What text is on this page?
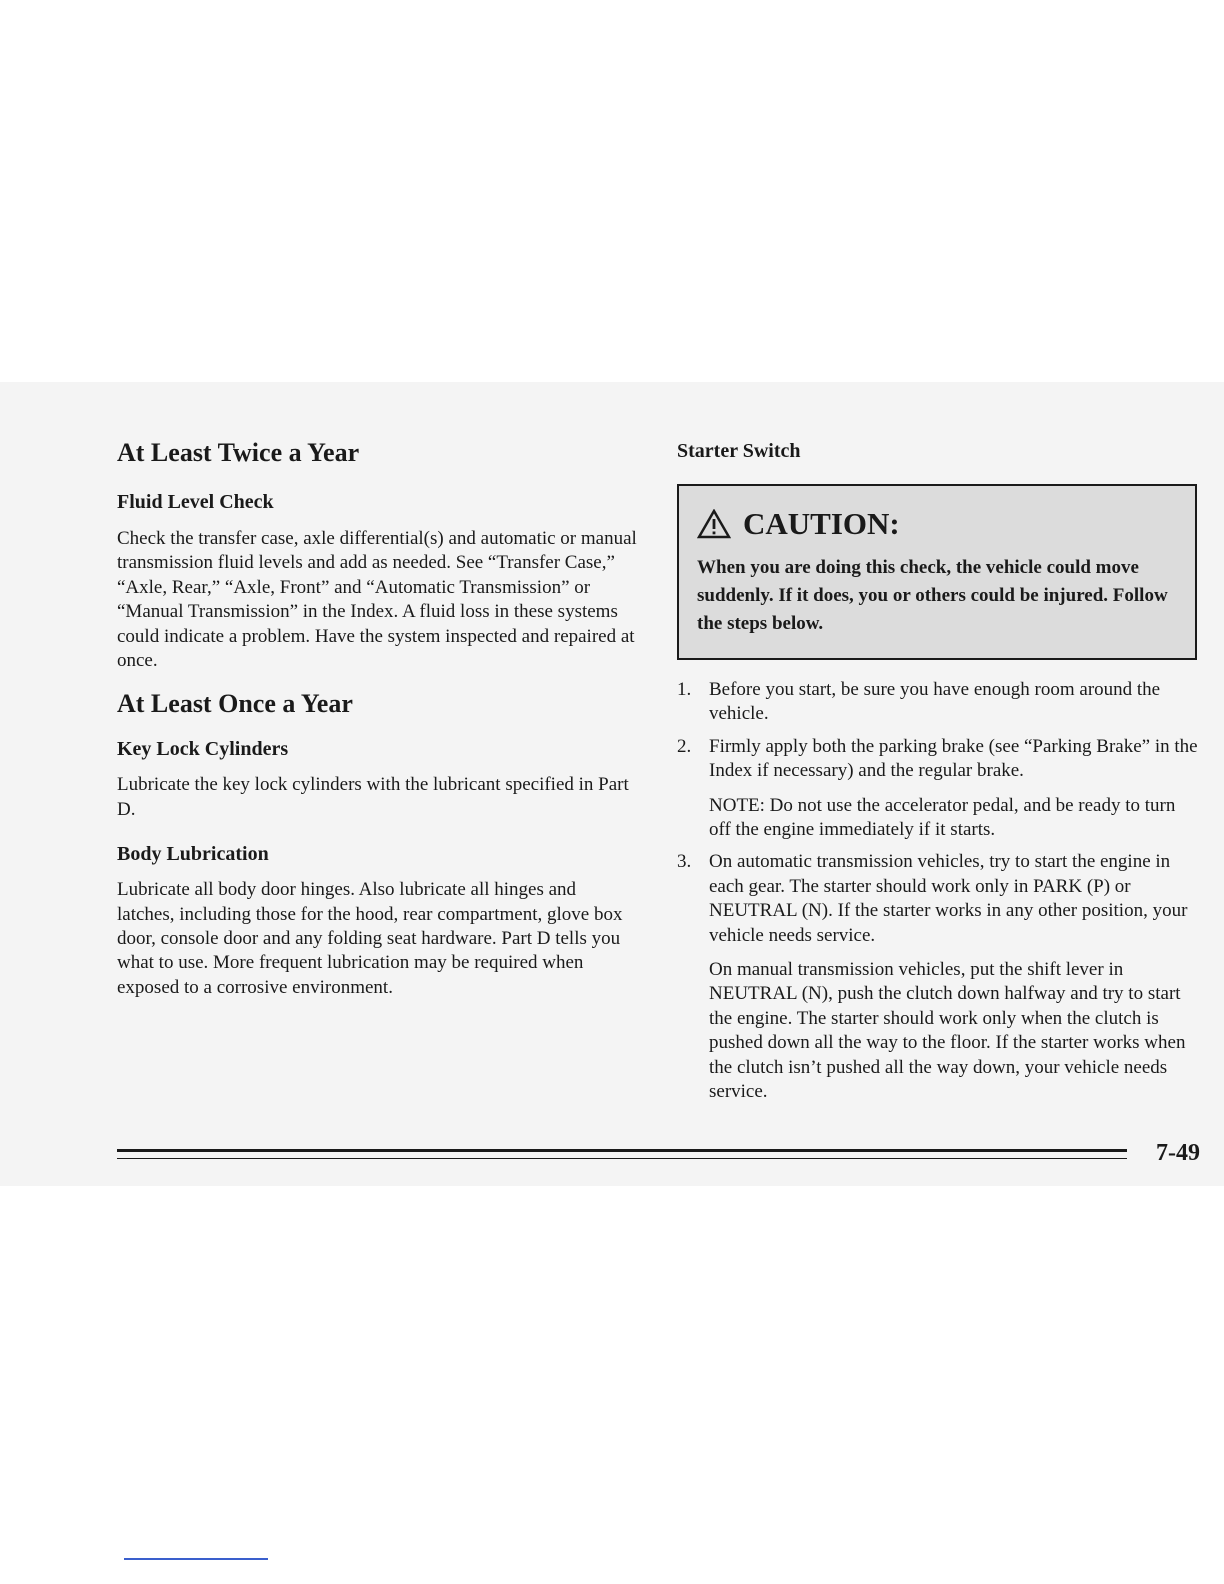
At Least Twice a Year
Fluid Level Check

Check the transfer case, axle differential(s) and automatic or manual transmission fluid levels and add as needed. See “Transfer Case,” “Axle, Rear,” “Axle, Front” and “Automatic Transmission” or “Manual Transmission” in the Index. A fluid loss in these systems could indicate a problem. Have the system inspected and repaired at once.

At Least Once a Year
Key Lock Cylinders

Lubricate the key lock cylinders with the lubricant specified in Part D.

Body Lubrication

Lubricate all body door hinges. Also lubricate all hinges and latches, including those for the hood, rear compartment, glove box door, console door and any folding seat hardware. Part D tells you what to use. More frequent lubrication may be required when exposed to a corrosive environment.

Starter Switch
CAUTION:
When you are doing this check, the vehicle could move suddenly. If it does, you or others could be injured. Follow the steps below.
1. Before you start, be sure you have enough room around the vehicle.

2. Firmly apply both the parking brake (see “Parking Brake” in the Index if necessary) and the regular brake.

NOTE: Do not use the accelerator pedal, and be ready to turn off the engine immediately if it starts.

3. On automatic transmission vehicles, try to start the engine in each gear. The starter should work only in PARK (P) or NEUTRAL (N). If the starter works in any other position, your vehicle needs service.

On manual transmission vehicles, put the shift lever in NEUTRAL (N), push the clutch down halfway and try to start the engine. The starter should work only when the clutch is pushed down all the way to the floor. If the starter works when the clutch isn’t pushed all the way down, your vehicle needs service.

7-49
